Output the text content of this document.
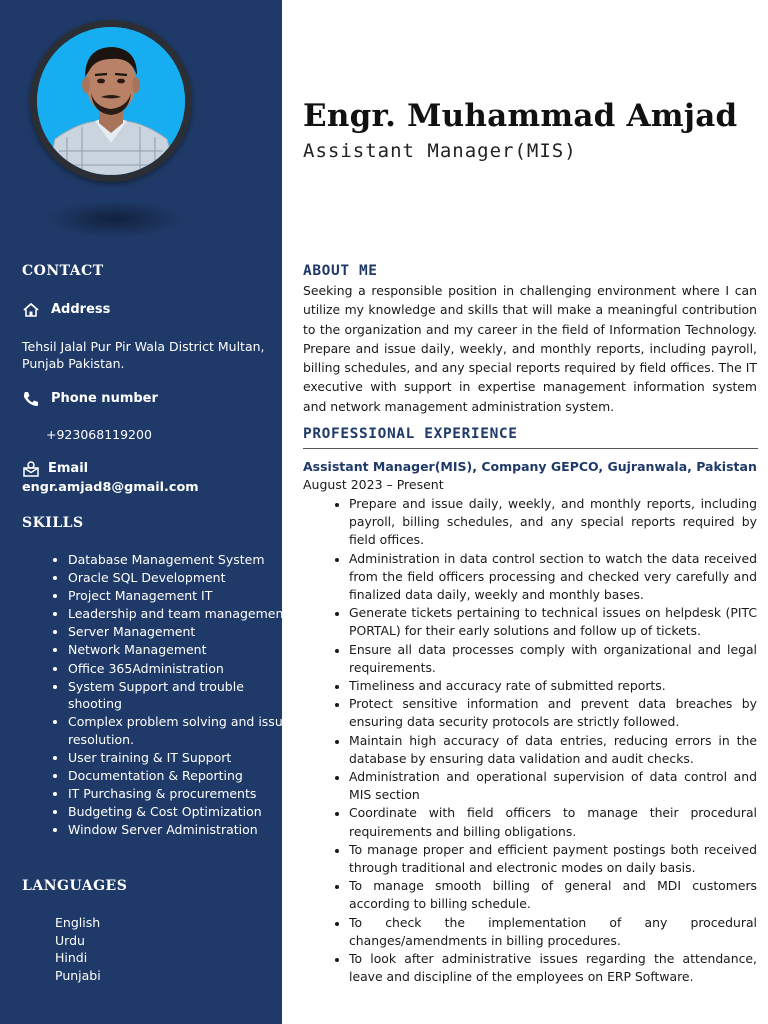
CONTACT
Address
Tehsil Jalal Pur Pir Wala District Multan,
Punjab Pakistan.
Phone number
+923068119200
Email
engr.amjad8@gmail.com
SKILLS
• Database Management System
• Oracle SQL Development
• Project Management IT
• Leadership and team management
• Server Management
• Network Management
• Office 365Administration
• System Support and trouble shooting
• Complex problem solving and issue resolution.
• User training & IT Support
• Documentation & Reporting
• IT Purchasing & procurements
• Budgeting & Cost Optimization
• Window Server Administration
LANGUAGES
English
Urdu
Hindi
Punjabi
Engr. Muhammad Amjad
Assistant Manager(MIS)
ABOUT ME

Seeking a responsible position in challenging environment where I can utilize my knowledge and skills that will make a meaningful contribution to the organization and my career in the field of Information Technology. Prepare and issue daily, weekly, and monthly reports, including payroll, billing schedules, and any special reports required by field offices. The IT executive with support in expertise management information system and network management administration system.

PROFESSIONAL EXPERIENCE
Assistant Manager(MIS), Company GEPCO, Gujranwala, Pakistan
August 2023 – Present
• Prepare and issue daily, weekly, and monthly reports, including payroll, billing schedules, and any special reports required by field offices.
• Administration in data control section to watch the data received from the field officers processing and checked very carefully and finalized data daily, weekly and monthly bases.
• Generate tickets pertaining to technical issues on helpdesk (PITC PORTAL) for their early solutions and follow up of tickets.
• Ensure all data processes comply with organizational and legal requirements.
• Timeliness and accuracy rate of submitted reports.
• Protect sensitive information and prevent data breaches by ensuring data security protocols are strictly followed.
• Maintain high accuracy of data entries, reducing errors in the database by ensuring data validation and audit checks.
• Administration and operational supervision of data control and MIS section
• Coordinate with field officers to manage their procedural requirements and billing obligations.
• To manage proper and efficient payment postings both received through traditional and electronic modes on daily basis.
• To manage smooth billing of general and MDI customers according to billing schedule.
• To check the implementation of any procedural changes/amendments in billing procedures.
• To look after administrative issues regarding the attendance, leave and discipline of the employees on ERP Software.
